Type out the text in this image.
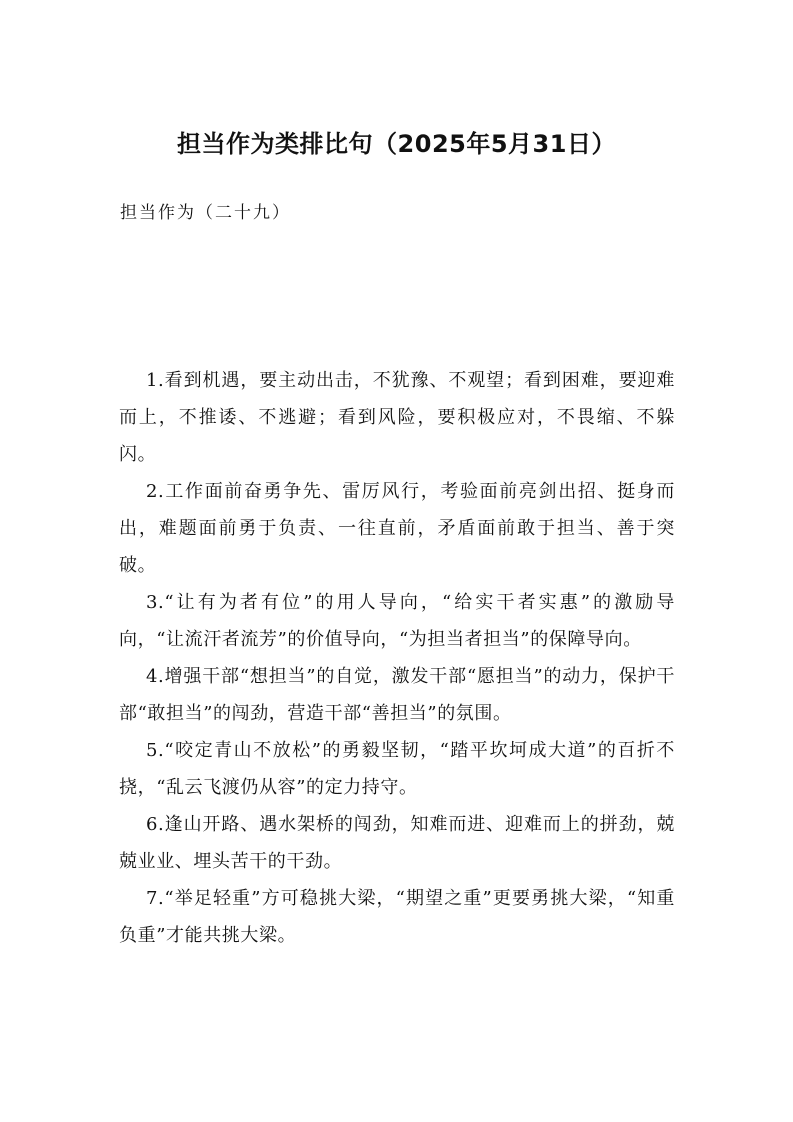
担当作为类排比句（2025年5月31日）

担当作为（二十九）

1.看到机遇，要主动出击，不犹豫、不观望；看到困难，要迎难而上，不推诿、不逃避；看到风险，要积极应对，不畏缩、不躲闪。

2.工作面前奋勇争先、雷厉风行，考验面前亮剑出招、挺身而出，难题面前勇于负责、一往直前，矛盾面前敢于担当、善于突破。

3.“让有为者有位”的用人导向，“给实干者实惠”的激励导向，“让流汗者流芳”的价值导向，“为担当者担当”的保障导向。

4.增强干部“想担当”的自觉，激发干部“愿担当”的动力，保护干部“敢担当”的闯劲，营造干部“善担当”的氛围。

5.“咬定青山不放松”的勇毅坚韧，“踏平坎坷成大道”的百折不挠，“乱云飞渡仍从容”的定力持守。

6.逢山开路、遇水架桥的闯劲，知难而进、迎难而上的拼劲，兢兢业业、埋头苦干的干劲。

7.“举足轻重”方可稳挑大梁，“期望之重”更要勇挑大梁，“知重负重”才能共挑大梁。
